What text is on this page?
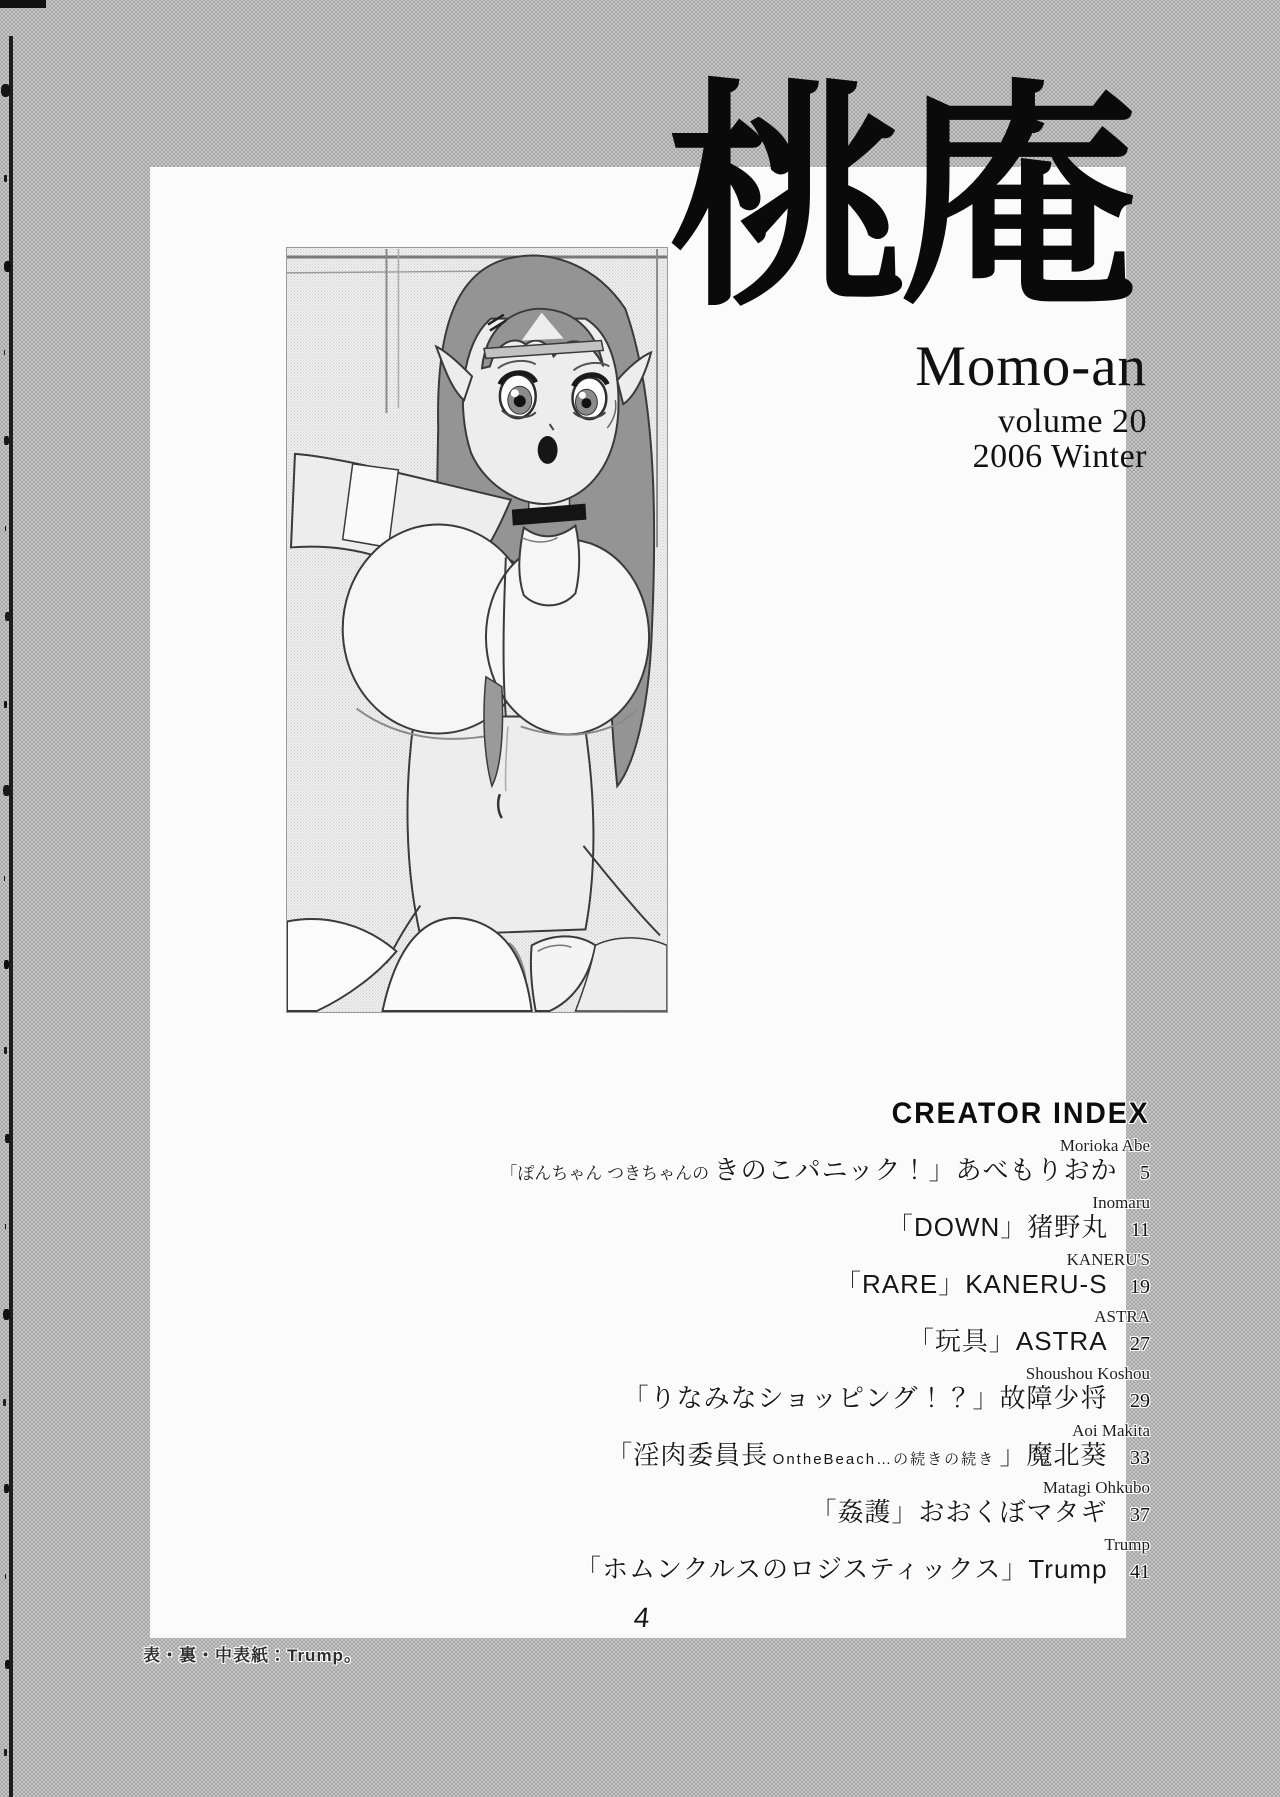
桃庵
Momo-an
volume 20
2006 Winter
CREATOR INDEX
Morioka Abe
「ぽんちゃん つきちゃんの きのこパニック！」あべもりおか 5
Inomaru
「DOWN」猪野丸 11
KANERU'S
「RARE」KANERU-S 19
ASTRA
「玩具」ASTRA 27
Shoushou Koshou
「りなみなショッピング！？」故障少将 29
Aoi Makita
「淫肉委員長 OntheBeach…の続きの続き 」魔北葵 33
Matagi Ohkubo
「姦護」おおくぼマタギ 37
Trump
「ホムンクルスのロジスティックス」Trump 41
4
表・裏・中表紙：Trump。
